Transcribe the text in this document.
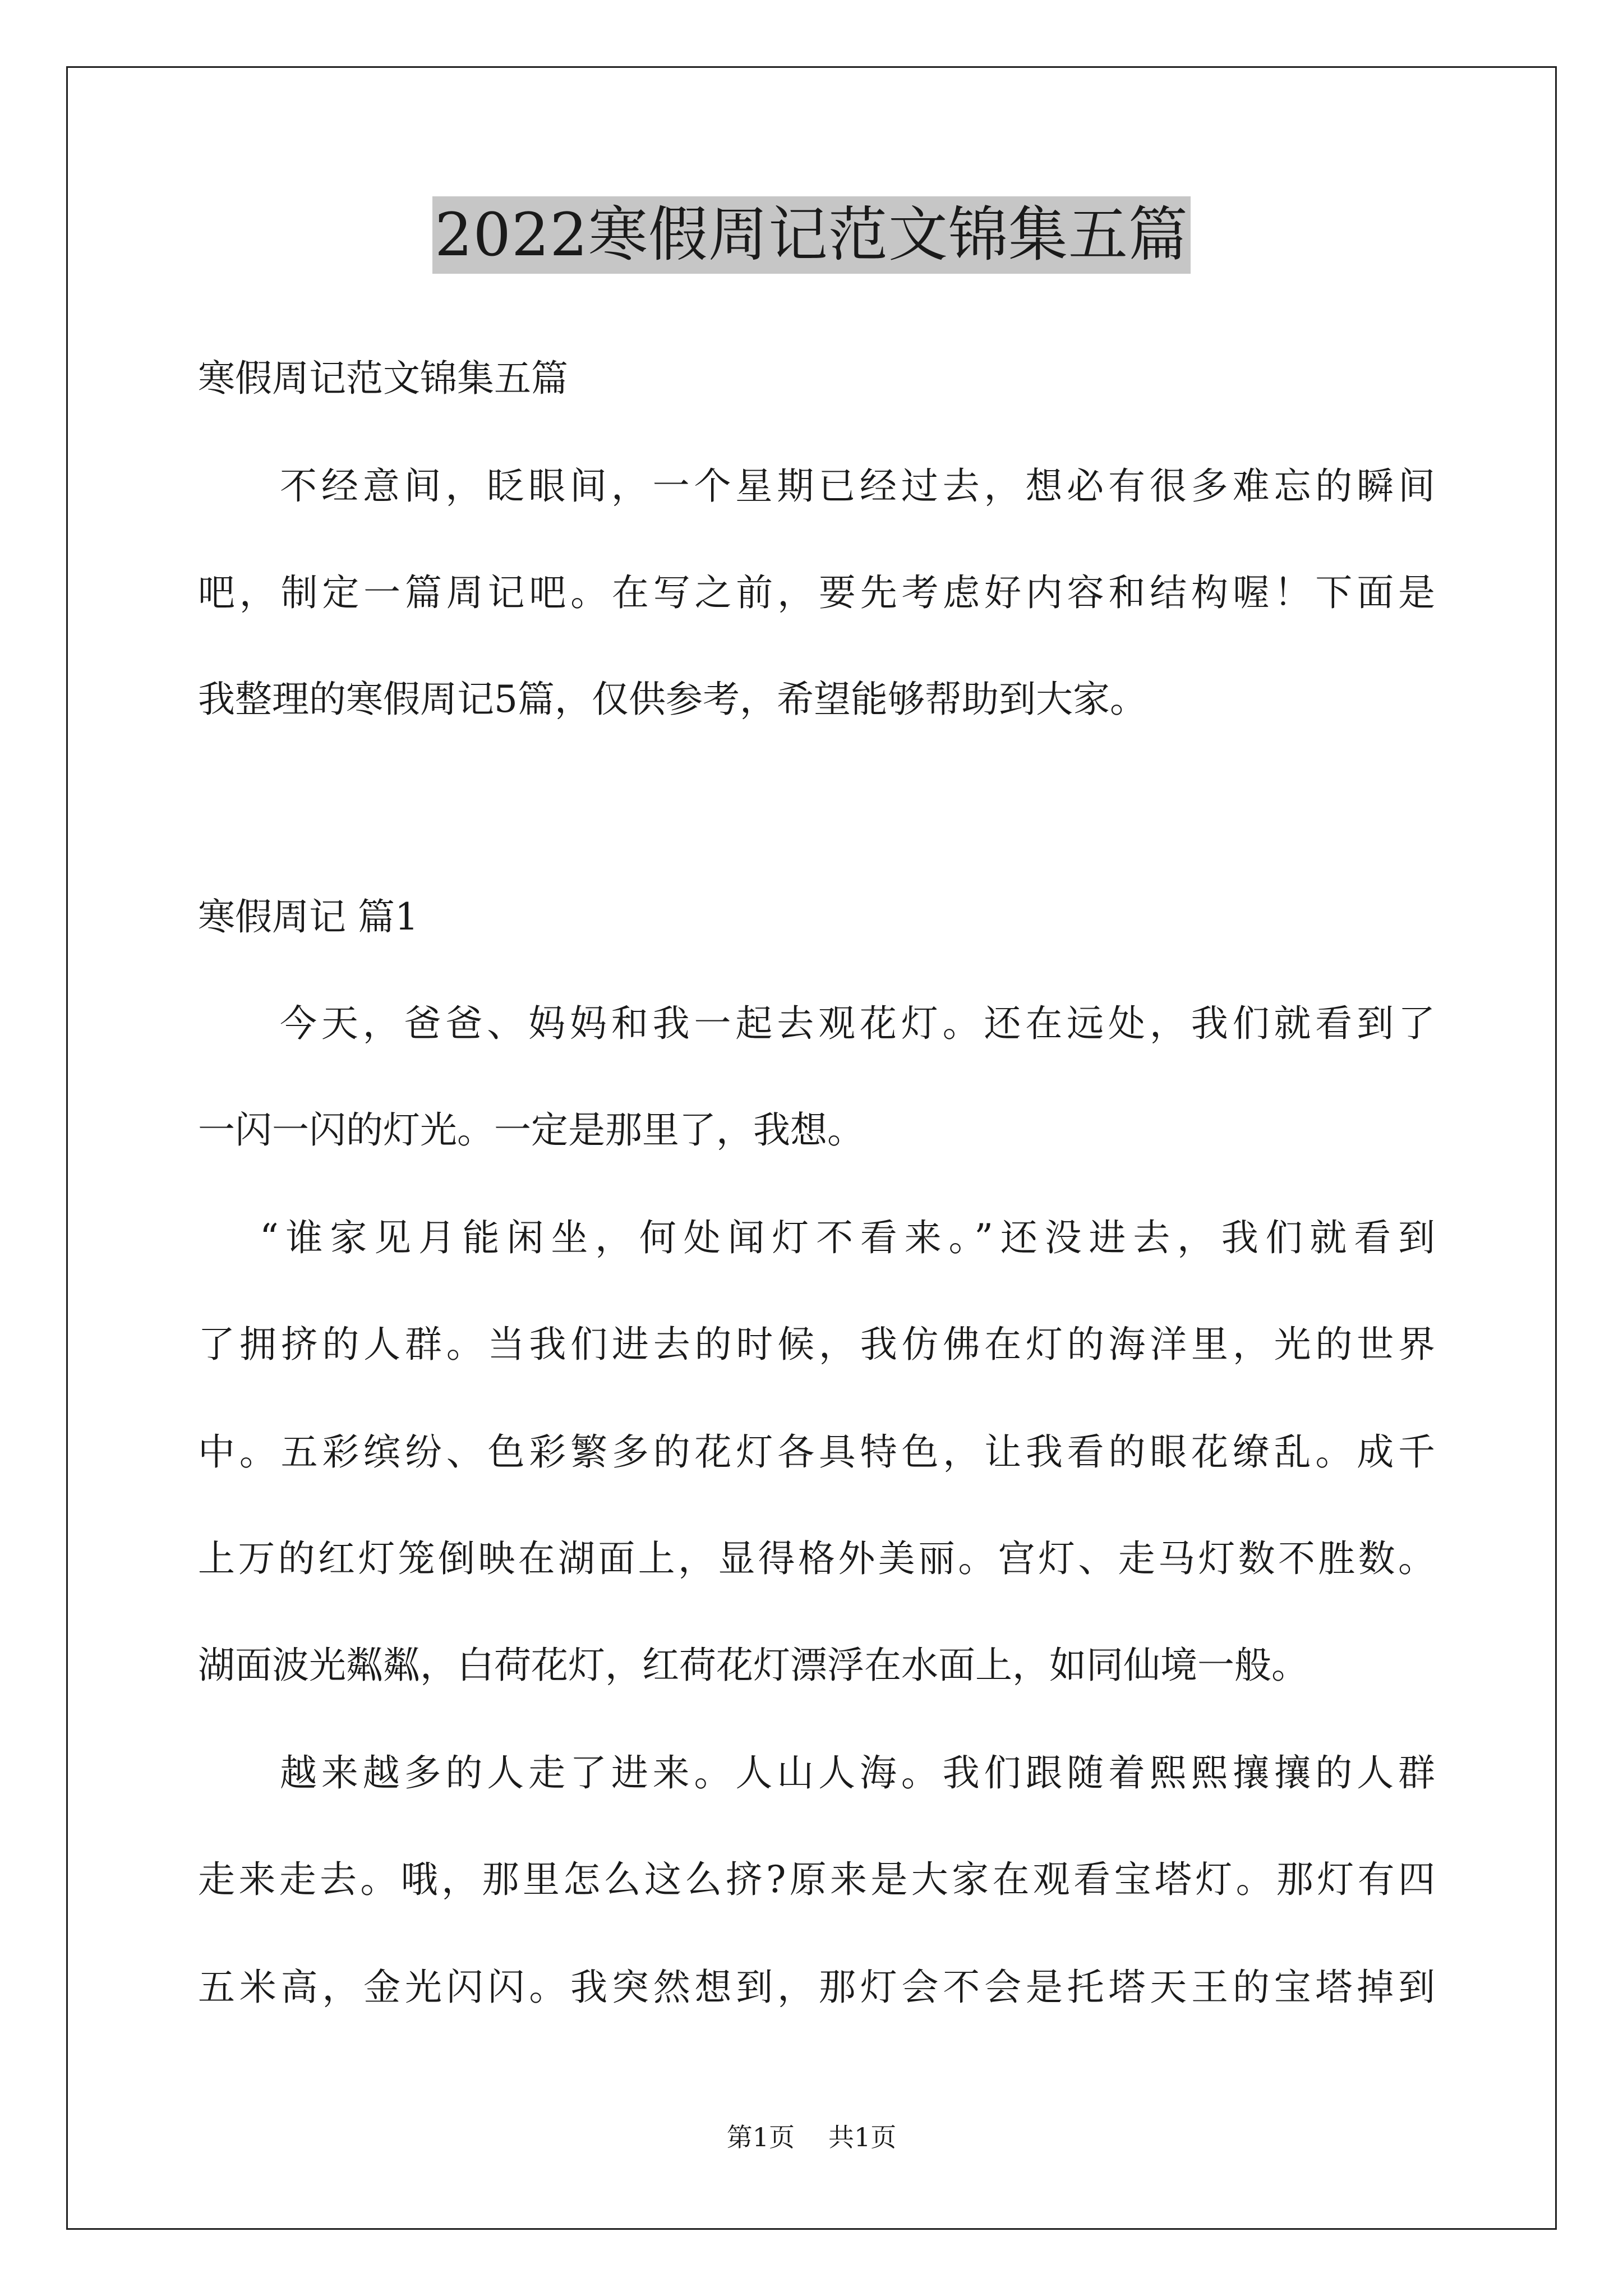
2022寒假周记范文锦集五篇
寒假周记范文锦集五篇
不经意间，眨眼间，一个星期已经过去，想必有很多难忘的瞬间
吧，制定一篇周记吧。在写之前，要先考虑好内容和结构喔！下面是
我整理的寒假周记5篇，仅供参考，希望能够帮助到大家。
寒假周记 篇1
今天，爸爸、妈妈和我一起去观花灯。还在远处，我们就看到了
一闪一闪的灯光。一定是那里了，我想。
“谁家见月能闲坐，何处闻灯不看来。”还没进去，我们就看到
了拥挤的人群。当我们进去的时候，我仿佛在灯的海洋里，光的世界
中。五彩缤纷、色彩繁多的花灯各具特色，让我看的眼花缭乱。成千
上万的红灯笼倒映在湖面上，显得格外美丽。宫灯、走马灯数不胜数。
湖面波光粼粼，白荷花灯，红荷花灯漂浮在水面上，如同仙境一般。
越来越多的人走了进来。人山人海。我们跟随着熙熙攘攘的人群
走来走去。哦，那里怎么这么挤?原来是大家在观看宝塔灯。那灯有四
五米高，金光闪闪。我突然想到，那灯会不会是托塔天王的宝塔掉到
第1页 共1页
